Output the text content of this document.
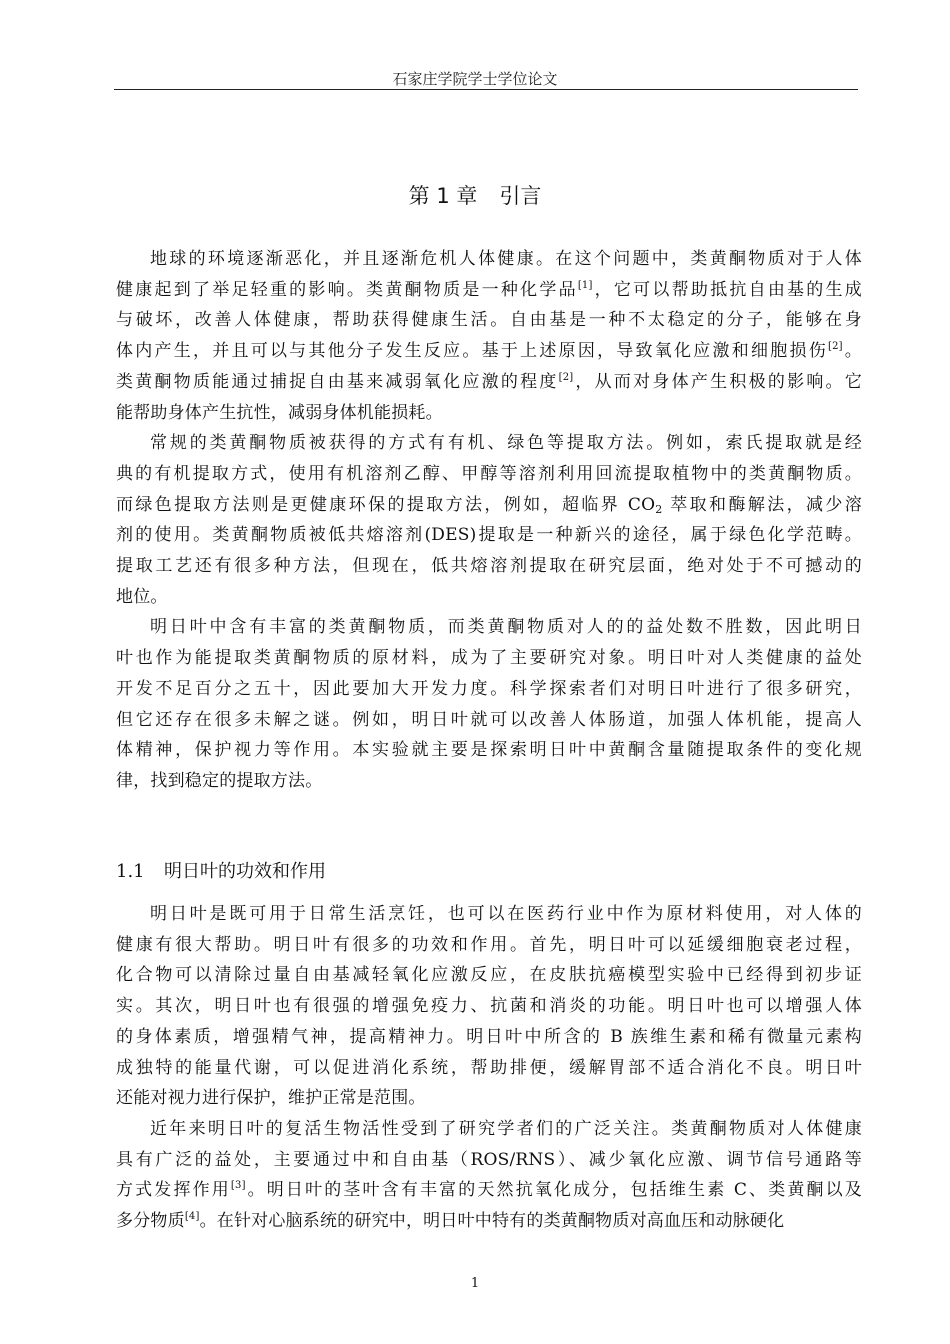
石家庄学院学士学位论文
第 1 章 引言
地球的环境逐渐恶化，并且逐渐危机人体健康。在这个问题中，类黄酮物质对于人体
健康起到了举足轻重的影响。类黄酮物质是一种化学品[1]，它可以帮助抵抗自由基的生成
与破坏，改善人体健康，帮助获得健康生活。自由基是一种不太稳定的分子，能够在身
体内产生，并且可以与其他分子发生反应。基于上述原因，导致氧化应激和细胞损伤[2]。
类黄酮物质能通过捕捉自由基来减弱氧化应激的程度[2]，从而对身体产生积极的影响。它
能帮助身体产生抗性，减弱身体机能损耗。
常规的类黄酮物质被获得的方式有有机、绿色等提取方法。例如，索氏提取就是经
典的有机提取方式，使用有机溶剂乙醇、甲醇等溶剂利用回流提取植物中的类黄酮物质。
而绿色提取方法则是更健康环保的提取方法，例如，超临界 $CO_2$ 萃取和酶解法，减少溶
剂的使用。类黄酮物质被低共熔溶剂(DES)提取是一种新兴的途径，属于绿色化学范畴。
提取工艺还有很多种方法，但现在，低共熔溶剂提取在研究层面，绝对处于不可撼动的
地位。
明日叶中含有丰富的类黄酮物质，而类黄酮物质对人的的益处数不胜数，因此明日
叶也作为能提取类黄酮物质的原材料，成为了主要研究对象。明日叶对人类健康的益处
开发不足百分之五十，因此要加大开发力度。科学探索者们对明日叶进行了很多研究，
但它还存在很多未解之谜。例如，明日叶就可以改善人体肠道，加强人体机能，提高人
体精神，保护视力等作用。本实验就主要是探索明日叶中黄酮含量随提取条件的变化规
律，找到稳定的提取方法。
1.1 明日叶的功效和作用
明日叶是既可用于日常生活烹饪，也可以在医药行业中作为原材料使用，对人体的
健康有很大帮助。明日叶有很多的功效和作用。首先，明日叶可以延缓细胞衰老过程，
化合物可以清除过量自由基减轻氧化应激反应，在皮肤抗癌模型实验中已经得到初步证
实。其次，明日叶也有很强的增强免疫力、抗菌和消炎的功能。明日叶也可以增强人体
的身体素质，增强精气神，提高精神力。明日叶中所含的 B 族维生素和稀有微量元素构
成独特的能量代谢，可以促进消化系统，帮助排便，缓解胃部不适合消化不良。明日叶
还能对视力进行保护，维护正常是范围。
近年来明日叶的复活生物活性受到了研究学者们的广泛关注。类黄酮物质对人体健康
具有广泛的益处，主要通过中和自由基（ROS/RNS）、减少氧化应激、调节信号通路等
方式发挥作用[3]。明日叶的茎叶含有丰富的天然抗氧化成分，包括维生素 C、类黄酮以及
多分物质[4]。在针对心脑系统的研究中，明日叶中特有的类黄酮物质对高血压和动脉硬化
1
